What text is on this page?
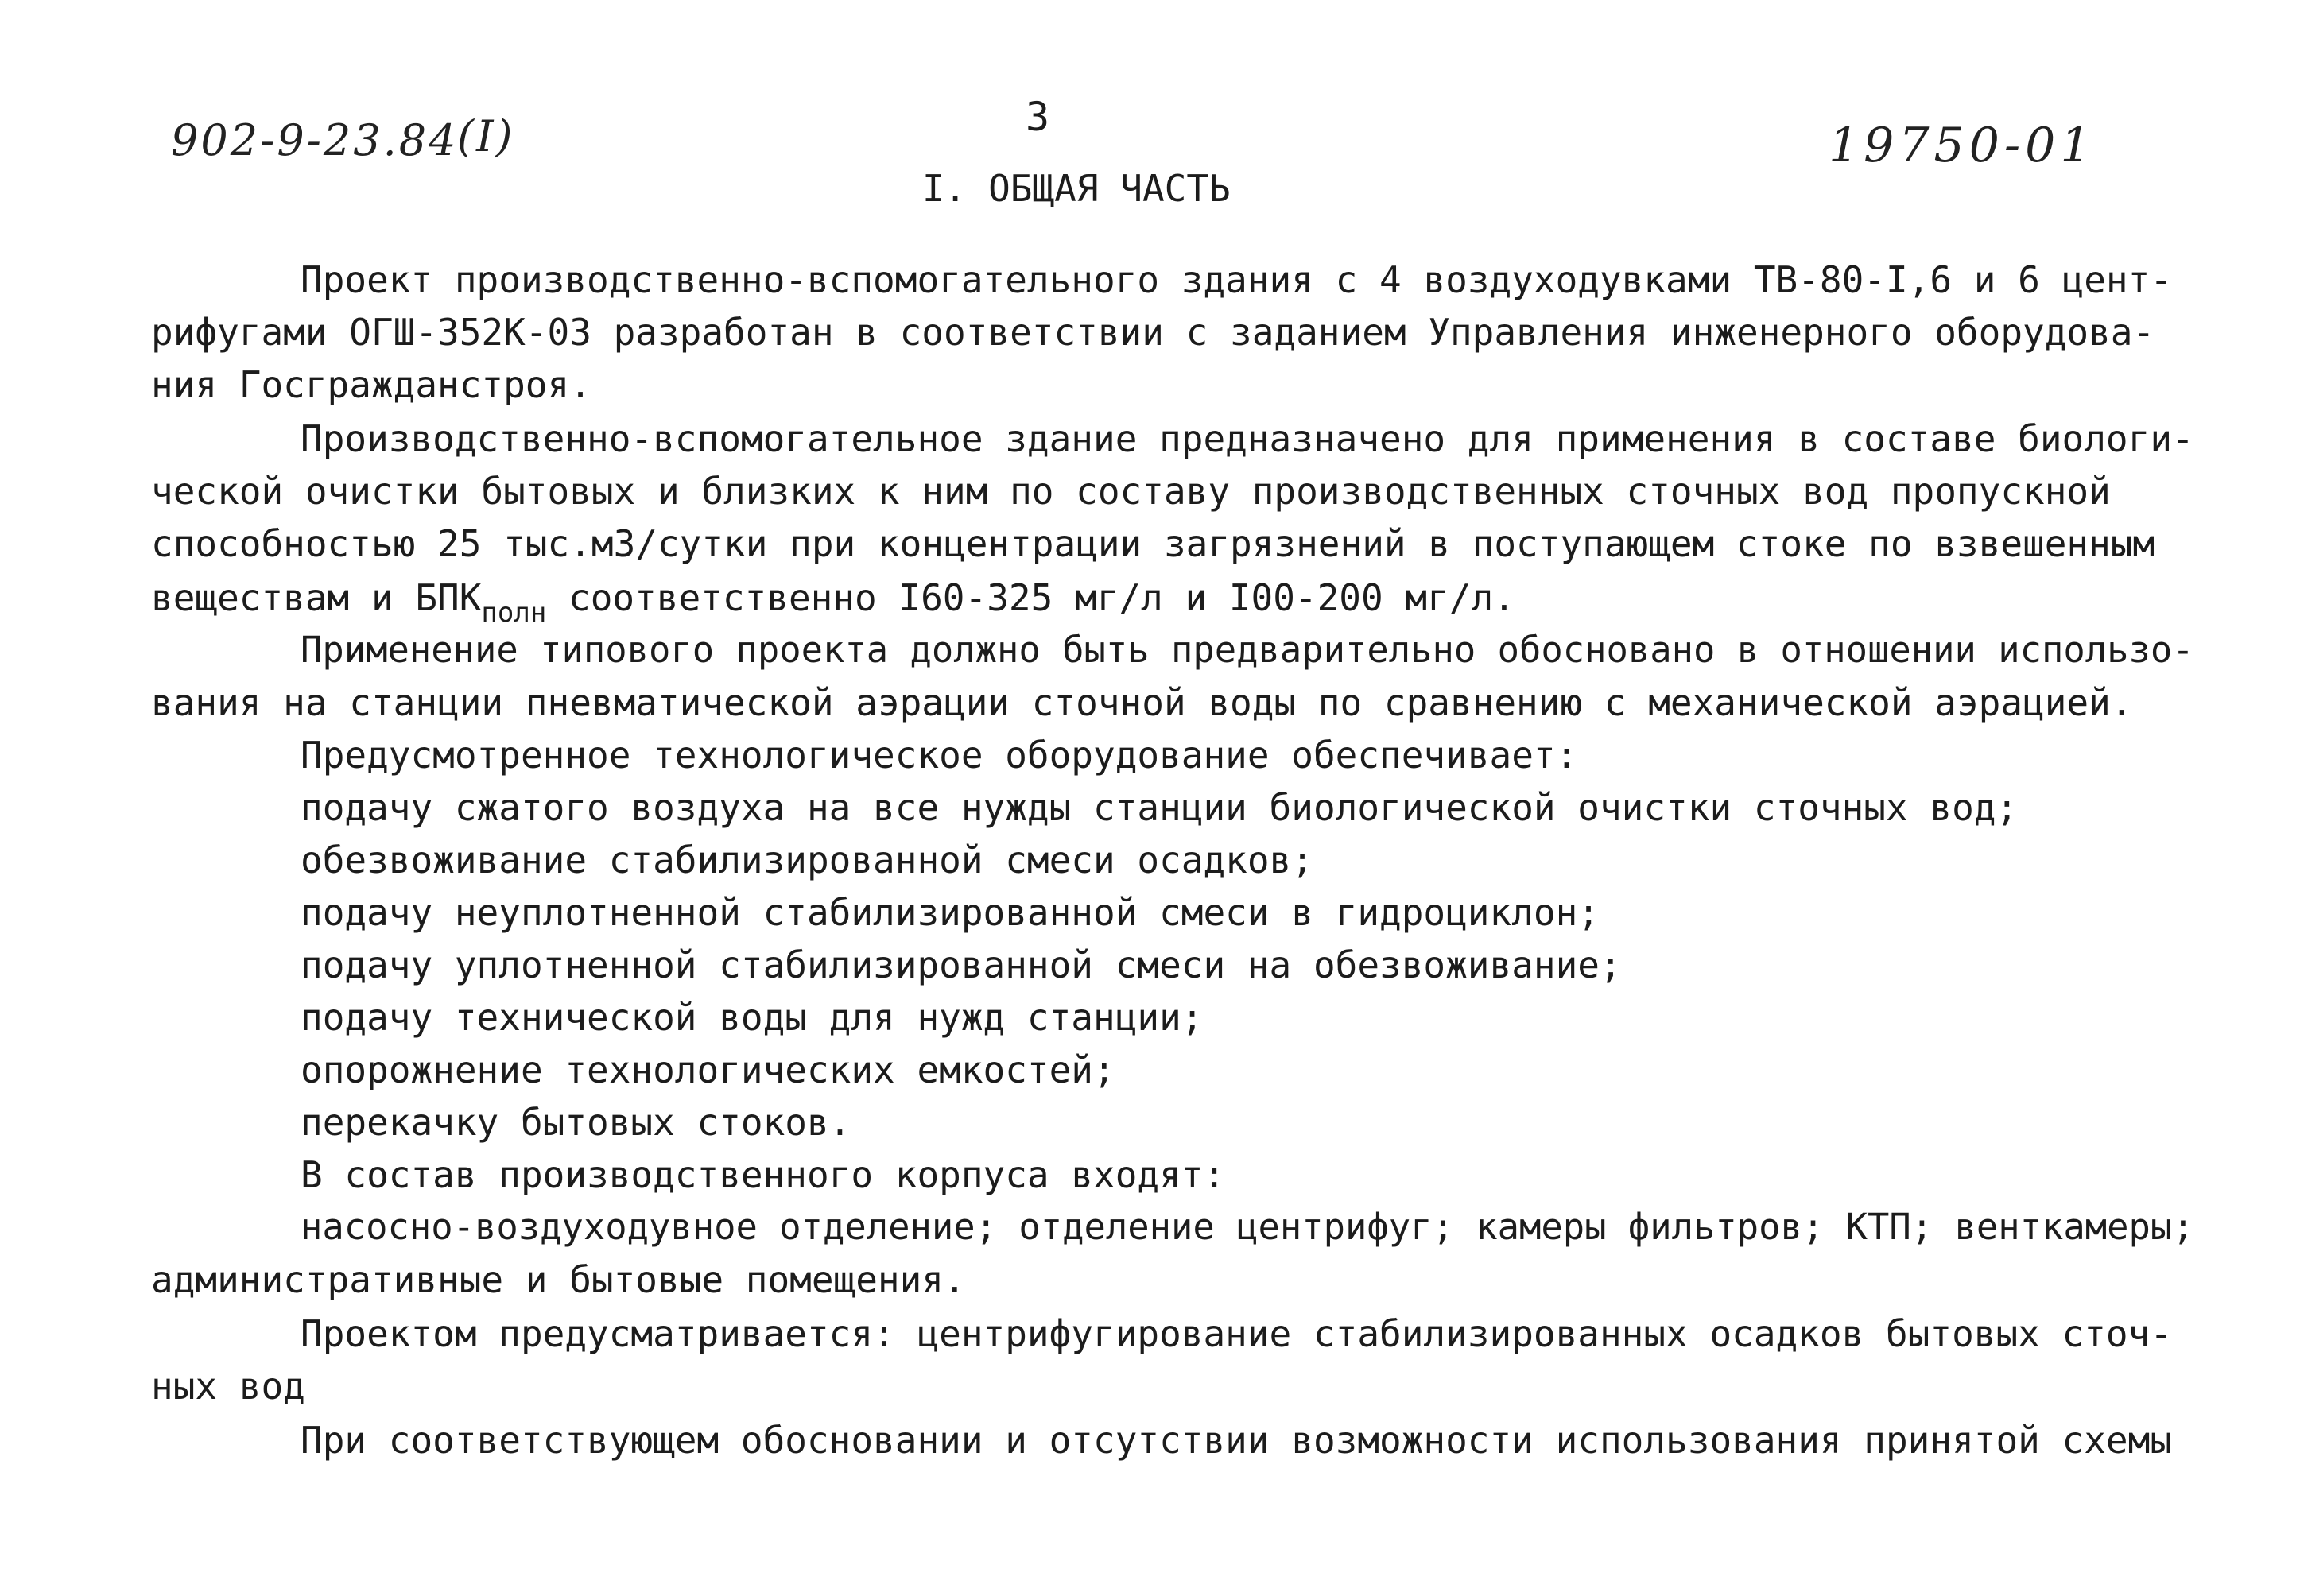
902-9-23.84
(I)	3
19750-01
I. ОБЩАЯ ЧАСТЬ
Проект производственно-вспомогательного здания с 4 воздуходувками ТВ-80-I,6 и 6 цент-
рифугами ОГШ-352К-03 разработан в соответствии с заданием Управления инженерного оборудова-
ния Госгражданстроя.
Производственно-вспомогательное здание предназначено для применения в составе биологи-
ческой очистки бытовых и близких к ним по составу производственных сточных вод пропускной
способностью 25 тыс.м3/сутки при концентрации загрязнений в поступающем стоке по взвешенным
веществам и $БПК_{полн}$ соответственно I60-325 мг/л и I00-200 мг/л.
Применение типового проекта должно быть предварительно обосновано в отношении использо-
вания на станции пневматической аэрации сточной воды по сравнению с механической аэрацией.
Предусмотренное технологическое оборудование обеспечивает:
подачу сжатого воздуха на все нужды станции биологической очистки сточных вод;
обезвоживание стабилизированной смеси осадков;
подачу неуплотненной стабилизированной смеси в гидроциклон;
подачу уплотненной стабилизированной смеси на обезвоживание;
подачу технической воды для нужд станции;
опорожнение технологических емкостей;
перекачку бытовых стоков.
В состав производственного корпуса входят:
насосно-воздуходувное отделение; отделение центрифуг; камеры фильтров; КТП; венткамеры;
административные и бытовые помещения.
Проектом предусматривается: центрифугирование стабилизированных осадков бытовых сточ-
ных вод
При соответствующем обосновании и отсутствии возможности использования принятой схемы
